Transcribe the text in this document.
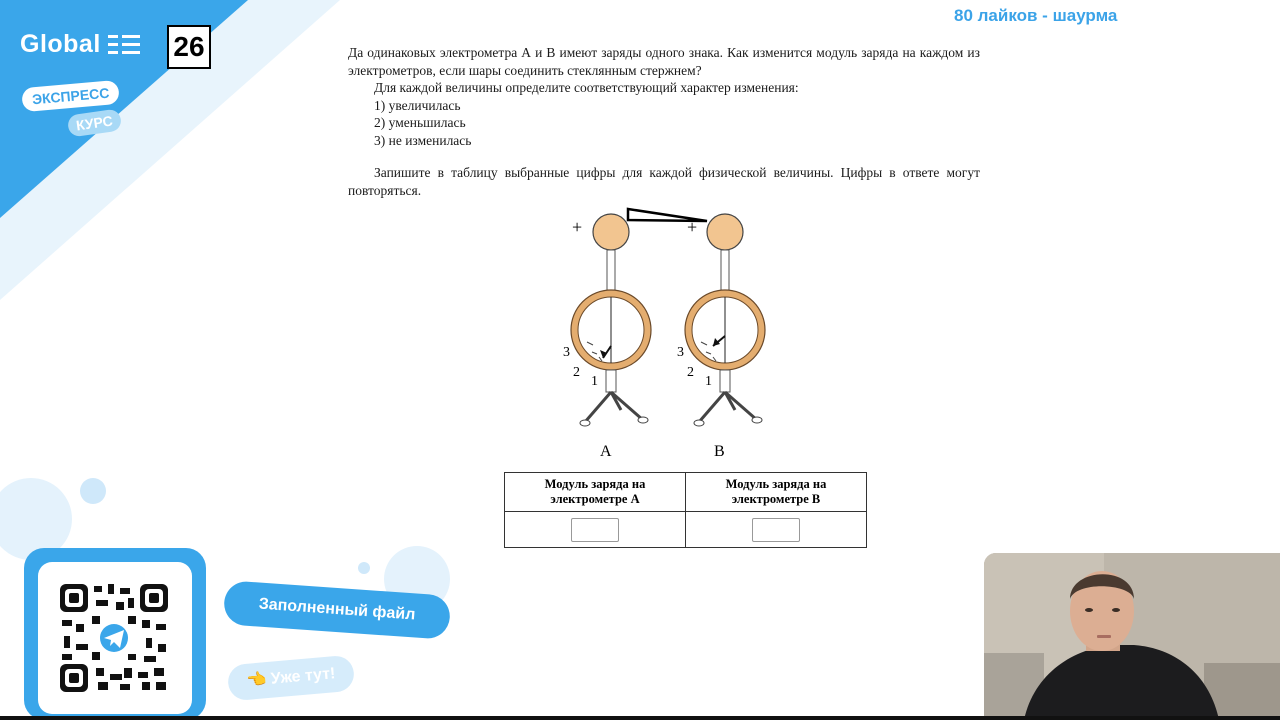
Global	26
ЭКСПРЕСС
КУРС
80 лайков - шаурма

Да одинаковых электрометра А и В имеют заряды одного знака. Как изменится модуль заряда на каждом из электрометров, если шары соединить стеклянным стержнем?

Для каждой величины определите соответствующий характер изменения:

1) увеличилась

2) уменьшилась

3) не изменилась

Запишите в таблицу выбранные цифры для каждой физической величины. Цифры в ответе могут повторяться.

+
3
2
1
А
+
3
2
1
В
Модуль заряда на электрометре А	Модуль заряда на электрометре В

Заполненный файл
👈 Уже тут!
